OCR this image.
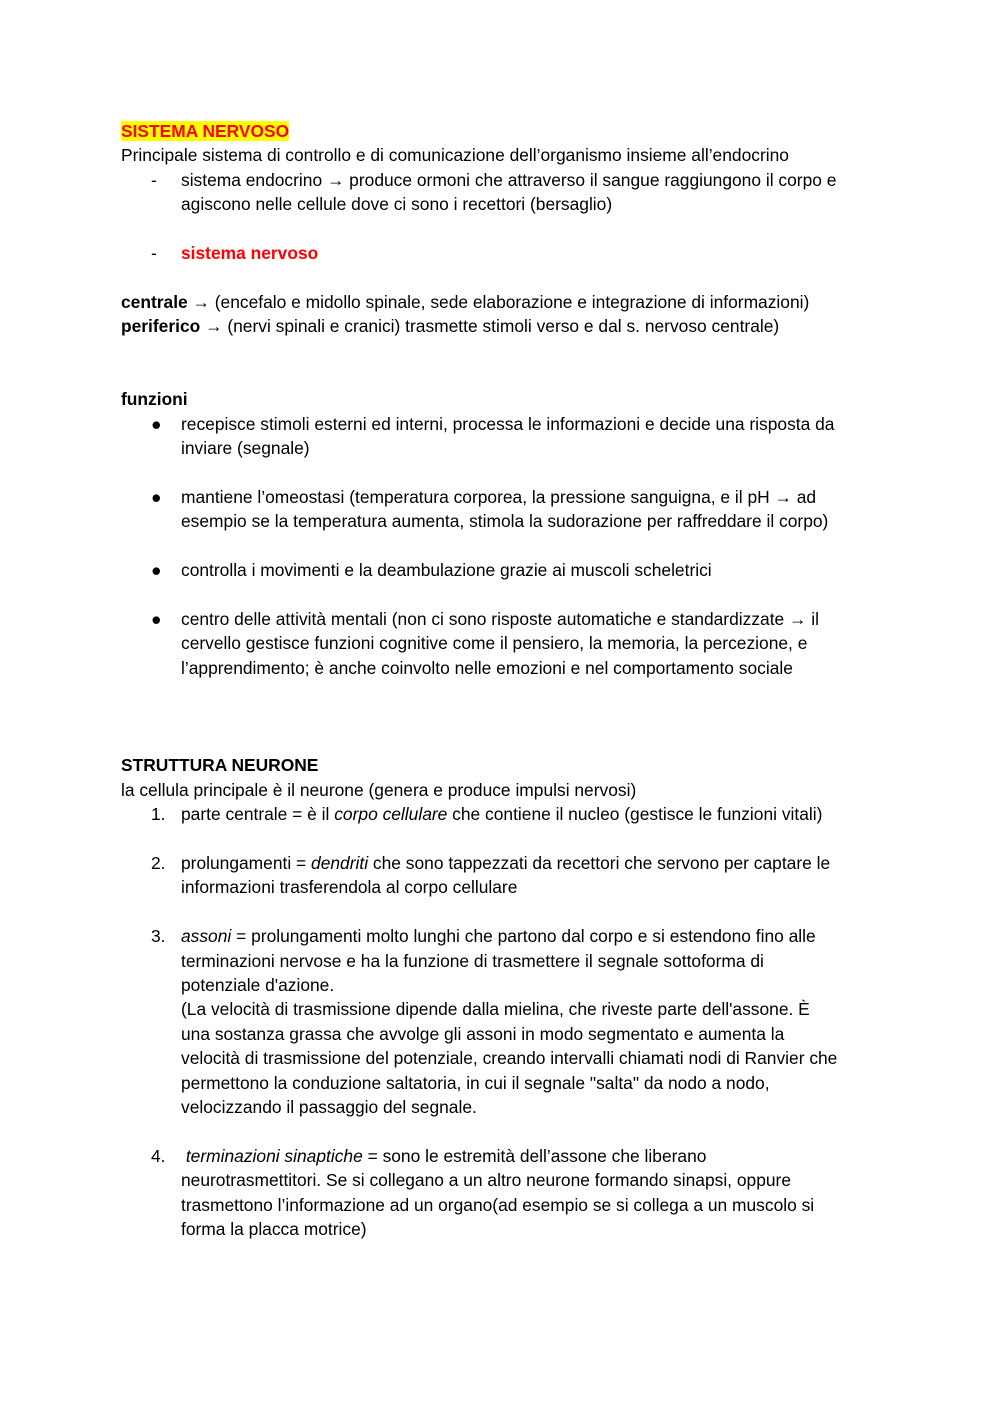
SISTEMA NERVOSO

Principale sistema di controllo e di comunicazione dell’organismo insieme all’endocrino

- sistema endocrino → produce ormoni che attraverso il sangue raggiungono il corpo e

agiscono nelle cellule dove ci sono i recettori (bersaglio)

- sistema nervoso

centrale → (encefalo e midollo spinale, sede elaborazione e integrazione di informazioni)

periferico → (nervi spinali e cranici) trasmette stimoli verso e dal s. nervoso centrale)

funzioni

● recepisce stimoli esterni ed interni, processa le informazioni e decide una risposta da

inviare (segnale)

● mantiene l’omeostasi (temperatura corporea, la pressione sanguigna, e il pH → ad

esempio se la temperatura aumenta, stimola la sudorazione per raffreddare il corpo)

● controlla i movimenti e la deambulazione grazie ai muscoli scheletrici

● centro delle attività mentali (non ci sono risposte automatiche e standardizzate → il

cervello gestisce funzioni cognitive come il pensiero, la memoria, la percezione, e

l’apprendimento; è anche coinvolto nelle emozioni e nel comportamento sociale

STRUTTURA NEURONE

la cellula principale è il neurone (genera e produce impulsi nervosi)

1. parte centrale = è il corpo cellulare che contiene il nucleo (gestisce le funzioni vitali)

2. prolungamenti = dendriti che sono tappezzati da recettori che servono per captare le

informazioni trasferendola al corpo cellulare

3. assoni = prolungamenti molto lunghi che partono dal corpo e si estendono fino alle

terminazioni nervose e ha la funzione di trasmettere il segnale sottoforma di

potenziale d'azione.

(La velocità di trasmissione dipende dalla mielina, che riveste parte dell'assone. È

una sostanza grassa che avvolge gli assoni in modo segmentato e aumenta la

velocità di trasmissione del potenziale, creando intervalli chiamati nodi di Ranvier che

permettono la conduzione saltatoria, in cui il segnale "salta" da nodo a nodo,

velocizzando il passaggio del segnale.

4. terminazioni sinaptiche = sono le estremità dell’assone che liberano

neurotrasmettitori. Se si collegano a un altro neurone formando sinapsi, oppure

trasmettono l’informazione ad un organo(ad esempio se si collega a un muscolo si

forma la placca motrice)
